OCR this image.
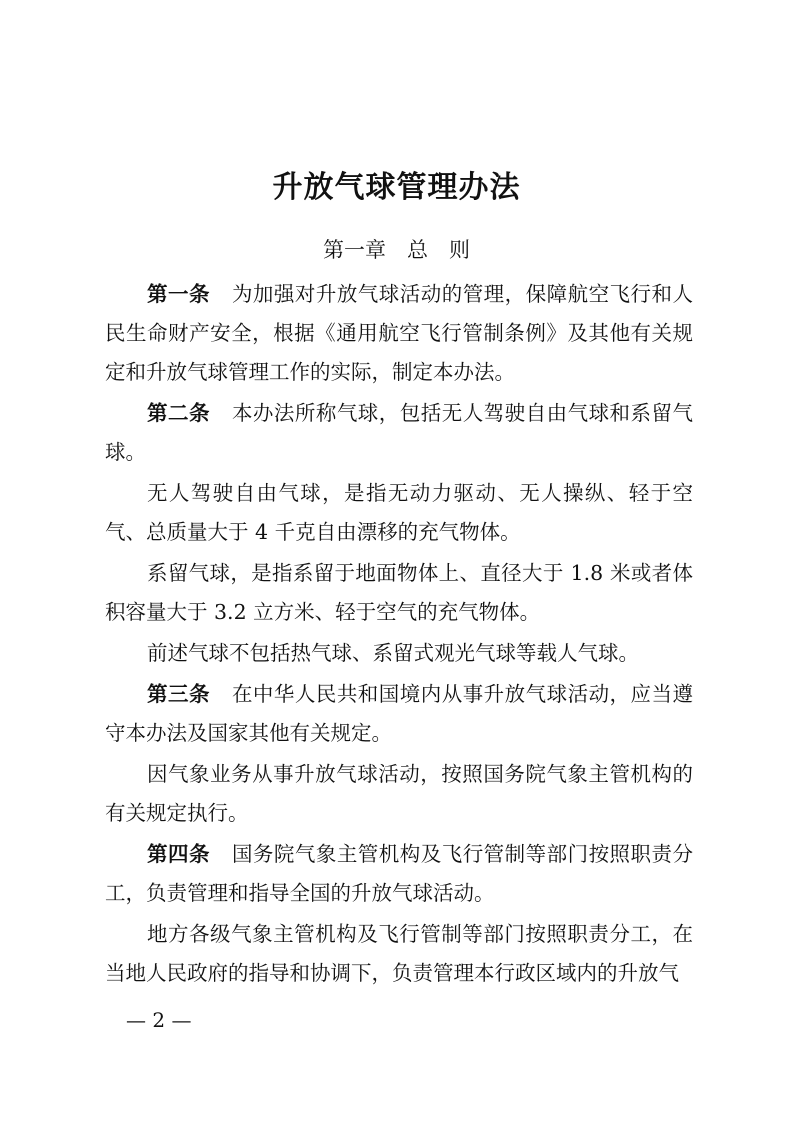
升放气球管理办法
第一章　总　则

第一条 为加强对升放气球活动的管理，保障航空飞行和人民生命财产安全，根据《通用航空飞行管制条例》及其他有关规定和升放气球管理工作的实际，制定本办法。

第二条 本办法所称气球，包括无人驾驶自由气球和系留气球。

无人驾驶自由气球，是指无动力驱动、无人操纵、轻于空气、总质量大于 4 千克自由漂移的充气物体。

系留气球，是指系留于地面物体上、直径大于 1.8 米或者体积容量大于 3.2 立方米、轻于空气的充气物体。

前述气球不包括热气球、系留式观光气球等载人气球。

第三条 在中华人民共和国境内从事升放气球活动，应当遵守本办法及国家其他有关规定。

因气象业务从事升放气球活动，按照国务院气象主管机构的有关规定执行。

第四条 国务院气象主管机构及飞行管制等部门按照职责分工，负责管理和指导全国的升放气球活动。

地方各级气象主管机构及飞行管制等部门按照职责分工，在当地人民政府的指导和协调下，负责管理本行政区域内的升放气

— 2 —
